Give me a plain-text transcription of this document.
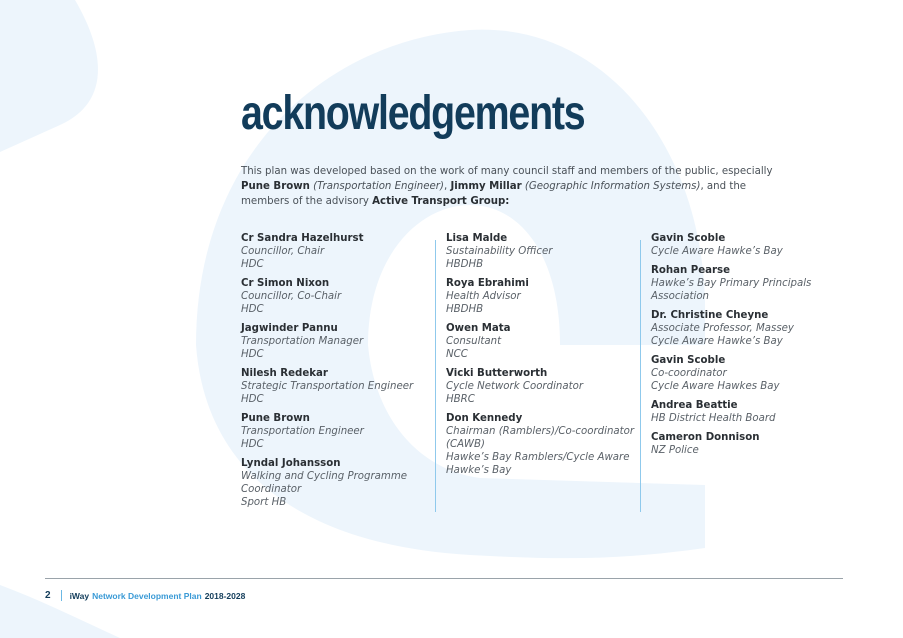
acknowledgements

This plan was developed based on the work of many council staff and members of the public, especially Pune Brown (Transportation Engineer), Jimmy Millar (Geographic Information Systems), and the members of the advisory Active Transport Group:

Cr Sandra Hazelhurst
Councillor, Chair
HDC
Cr Simon Nixon
Councillor, Co-Chair
HDC
Jagwinder Pannu
Transportation Manager
HDC
Nilesh Redekar
Strategic Transportation Engineer
HDC
Pune Brown
Transportation Engineer
HDC
Lyndal Johansson
Walking and Cycling Programme Coordinator
Sport HB
Lisa Malde
Sustainability Officer
HBDHB
Roya Ebrahimi
Health Advisor
HBDHB
Owen Mata
Consultant
NCC
Vicki Butterworth
Cycle Network Coordinator
HBRC
Don Kennedy
Chairman (Ramblers)/Co-coordinator (CAWB)
Hawke’s Bay Ramblers/Cycle Aware Hawke’s Bay
Gavin Scoble
Cycle Aware Hawke’s Bay
Rohan Pearse
Hawke’s Bay Primary Principals Association
Dr. Christine Cheyne
Associate Professor, Massey
Cycle Aware Hawke’s Bay
Gavin Scoble
Co-coordinator
Cycle Aware Hawkes Bay
Andrea Beattie
HB District Health Board
Cameron Donnison
NZ Police
2 iWay Network Development Plan 2018-2028
